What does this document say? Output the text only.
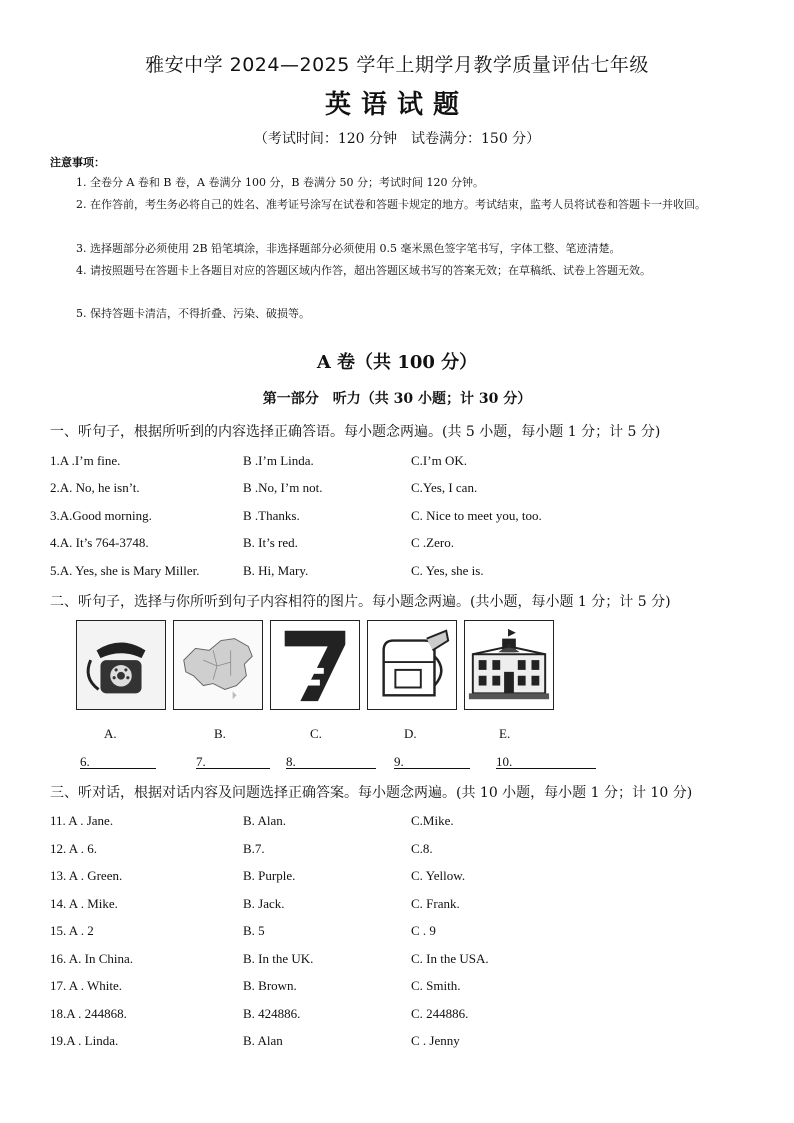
雅安中学 2024—2025 学年上期学月教学质量评估七年级
英语试题
（考试时间：120 分钟　试卷满分：150 分）
注意事项：
1. 全卷分 A 卷和 B 卷，A 卷满分 100 分，B 卷满分 50 分；考试时间 120 分钟。
2. 在作答前，考生务必将自己的姓名、准考证号涂写在试卷和答题卡规定的地方。考试结束，监考人员将试卷和答题卡一并收回。
3. 选择题部分必须使用 2B 铅笔填涂，非选择题部分必须使用 0.5 毫米黑色签字笔书写，字体工整、笔迹清楚。
4. 请按照题号在答题卡上各题目对应的答题区域内作答，超出答题区域书写的答案无效；在草稿纸、试卷上答题无效。
5. 保持答题卡清洁，不得折叠、污染、破损等。
A 卷（共 100 分）
第一部分　听力（共 30 小题；计 30 分）
一、听句子，根据所听到的内容选择正确答语。每小题念两遍。(共 5 小题，每小题 1 分；计 5 分)
1.A .I’m fine.	B .I’m Linda.	C.I’m OK.
2.A. No, he isn’t.	B .No, I’m not.	C.Yes, I can.
3.A.Good morning.	B .Thanks.	C. Nice to meet you, too.
4.A. It’s 764-3748.	B. It’s red.	C .Zero.
5.A. Yes, she is Mary Miller.	B. Hi, Mary.	C. Yes, she is.
二、听句子，选择与你所听到句子内容相符的图片。每小题念两遍。(共小题，每小题 1 分；计 5 分)
A.	B.	C.	D.	E.
6.	7.	8.	9.	10.
三、听对话，根据对话内容及问题选择正确答案。每小题念两遍。(共 10 小题，每小题 1 分；计 10 分)
11. A . Jane.	B. Alan.	C.Mike.
12. A . 6.	B.7.	C.8.
13. A . Green.	B. Purple.	C. Yellow.
14. A . Mike.	B. Jack.	C. Frank.
15. A . 2	B. 5	C . 9
16. A. In China.	B. In the UK.	C. In the USA.
17. A . White.	B. Brown.	C. Smith.
18.A . 244868.	B. 424886.	C. 244886.
19.A . Linda.	B. Alan	C . Jenny
